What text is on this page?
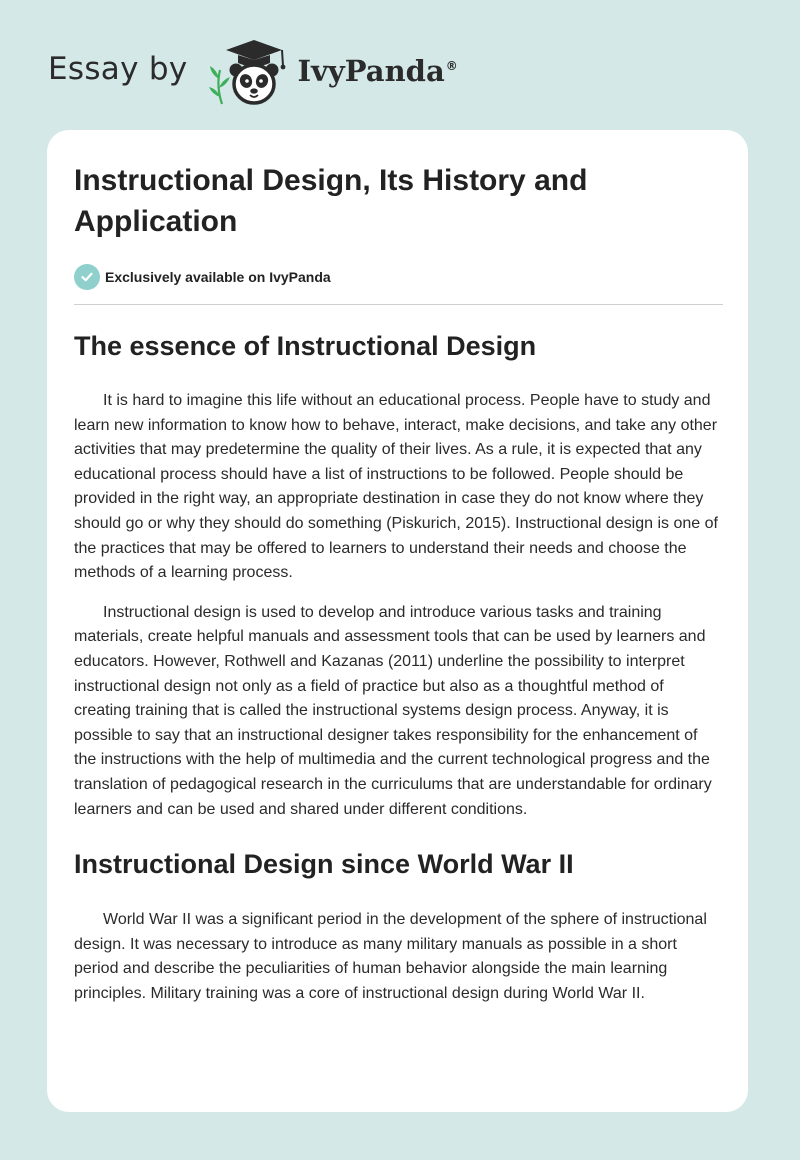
Essay by	IvyPanda®
Instructional Design, Its History and Application
Exclusively available on IvyPanda
The essence of Instructional Design

It is hard to imagine this life without an educational process. People have to study and learn new information to know how to behave, interact, make decisions, and take any other activities that may predetermine the quality of their lives. As a rule, it is expected that any educational process should have a list of instructions to be followed. People should be provided in the right way, an appropriate destination in case they do not know where they should go or why they should do something (Piskurich, 2015). Instructional design is one of the practices that may be offered to learners to understand their needs and choose the methods of a learning process.

Instructional design is used to develop and introduce various tasks and training materials, create helpful manuals and assessment tools that can be used by learners and educators. However, Rothwell and Kazanas (2011) underline the possibility to interpret instructional design not only as a field of practice but also as a thoughtful method of creating training that is called the instructional systems design process. Anyway, it is possible to say that an instructional designer takes responsibility for the enhancement of the instructions with the help of multimedia and the current technological progress and the translation of pedagogical research in the curriculums that are understandable for ordinary learners and can be used and shared under different conditions.

Instructional Design since World War II

World War II was a significant period in the development of the sphere of instructional design. It was necessary to introduce as many military manuals as possible in a short period and describe the peculiarities of human behavior alongside the main learning principles. Military training was a core of instructional design during World War II.
